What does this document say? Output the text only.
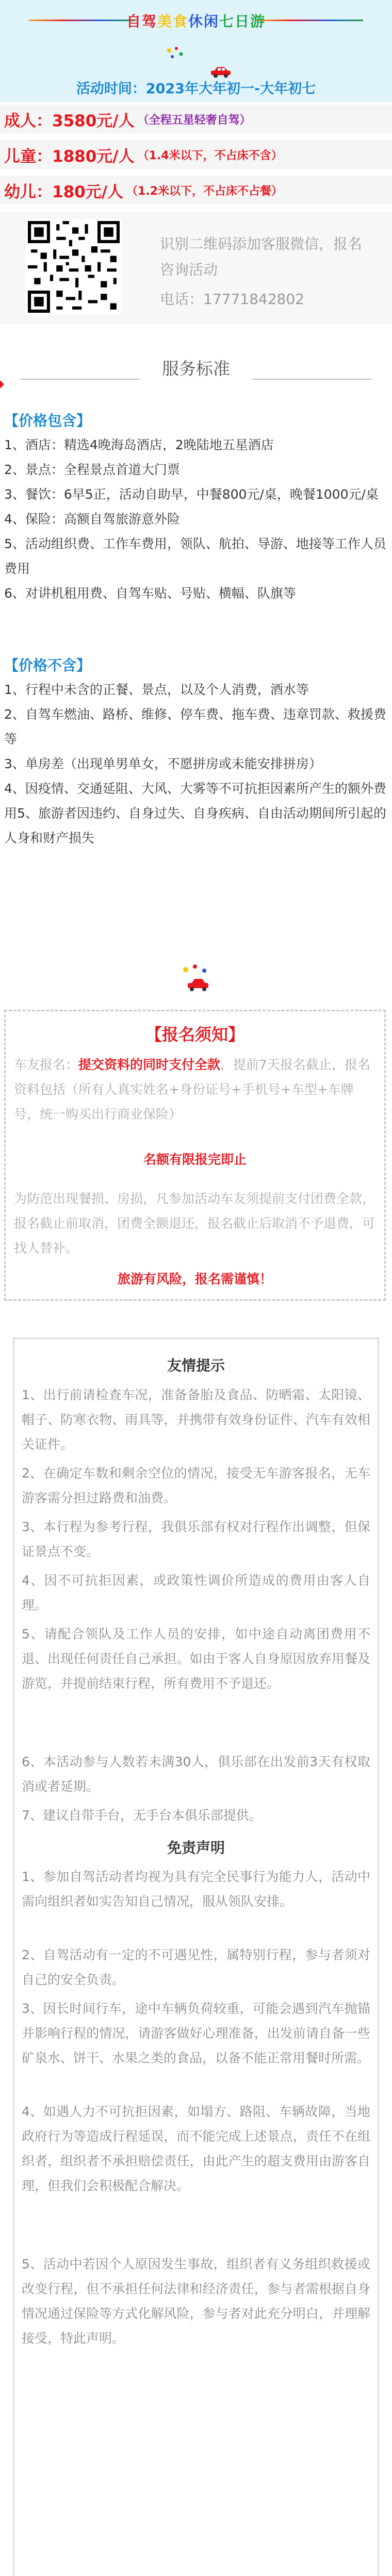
自驾美食休闲七日游
活动时间：2023年大年初一-大年初七
成人：3580元/人 （全程五星轻奢自驾）
儿童：1880元/人 （1.4米以下，不占床不含）
幼儿：180元/人 （1.2米以下，不占床不占餐）
识别二维码添加客服微信，报名咨询活动
电话：17771842802
服务标准
【价格包含】
1、酒店：精选4晚海岛酒店，2晚陆地五星酒店
2、景点：全程景点首道大门票
3、餐饮：6早5正，活动自助早，中餐800元/桌，晚餐1000元/桌
4、保险：高额自驾旅游意外险
5、活动组织费、工作车费用，领队、航拍、导游、地接等工作人员费用
6、对讲机租用费、自驾车贴、号贴、横幅、队旗等
【价格不含】
1、行程中未含的正餐、景点，以及个人消费，酒水等
2、自驾车燃油、路桥、维修、停车费、拖车费、违章罚款、救援费等
3、单房差（出现单男单女，不愿拼房或未能安排拼房）
4、因疫情、交通延阻、大风、大雾等不可抗拒因素所产生的额外费用5、旅游者因违约、自身过失、自身疾病、自由活动期间所引起的人身和财产损失
【报名须知】
车友报名：提交资料的同时支付全款，提前7天报名截止，报名资料包括（所有人真实姓名+身份证号+手机号+车型+车牌号，统一购买出行商业保险）
名额有限报完即止
为防范出现餐损、房损，凡参加活动车友须提前支付团费全款，报名截止前取消，团费全额退还，报名截止后取消不予退费，可找人替补。
旅游有风险，报名需谨慎！
友情提示
1、出行前请检查车况，准备备胎及食品、防晒霜、太阳镜、帽子、防寒衣物、雨具等，并携带有效身份证件、汽车有效相关证件。
2、在确定车数和剩余空位的情况，接受无车游客报名，无车游客需分担过路费和油费。
3、本行程为参考行程，我俱乐部有权对行程作出调整，但保证景点不变。
4、因不可抗拒因素，或政策性调价所造成的费用由客人自理。
5、请配合领队及工作人员的安排，如中途自动离团费用不退、出现任何责任自己承担。如由于客人自身原因放弃用餐及游览，并提前结束行程，所有费用不予退还。
6、本活动参与人数若未满30人，俱乐部在出发前3天有权取消或者延期。
7、建议自带手台，无手台本俱乐部提供。
免责声明
1、参加自驾活动者均视为具有完全民事行为能力人，活动中需向组织者如实告知自己情况，服从领队安排。
2、自驾活动有一定的不可遇见性，属特别行程，参与者须对自己的安全负责。
3、因长时间行车，途中车辆负荷较重，可能会遇到汽车抛锚并影响行程的情况，请游客做好心理准备，出发前请自备一些矿泉水、饼干、水果之类的食品，以备不能正常用餐时所需。
4、如遇人力不可抗拒因素，如塌方、路阻、车辆故障，当地政府行为等造成行程延误，而不能完成上述景点，责任不在组织者，组织者不承担赔偿责任，由此产生的超支费用由游客自理，但我们会积极配合解决。
5、活动中若因个人原因发生事故，组织者有义务组织救援或改变行程，但不承担任何法律和经济责任，参与者需根据自身情况通过保险等方式化解风险，参与者对此充分明白，并理解接受，特此声明。
